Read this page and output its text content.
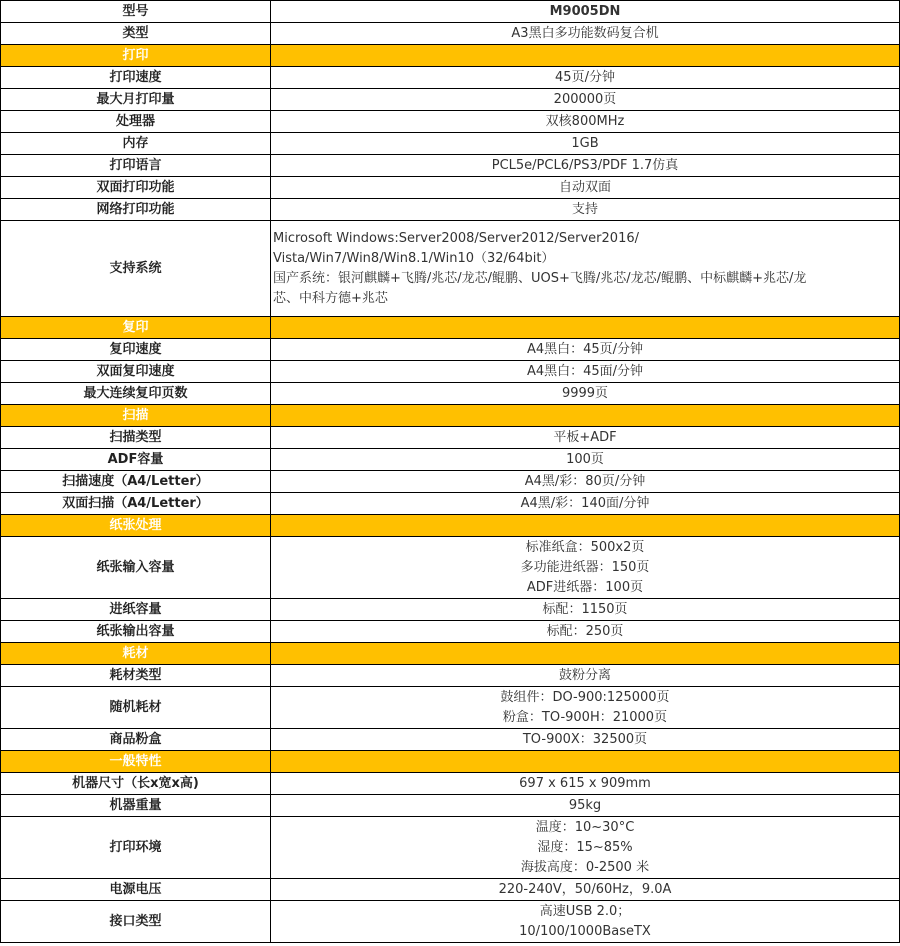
型号	M9005DN

类型	A3黑白多功能数码复合机

打印	
打印速度	45页/分钟

最大月打印量	200000页

处理器	双核800MHz

内存	1GB

打印语言	PCL5e/PCL6/PS3/PDF 1.7仿真

双面打印功能	自动双面

网络打印功能	支持

支持系统	Microsoft Windows:Server2008/Server2012/Server2016/
Vista/Win7/Win8/Win8.1/Win10（32/64bit）
国产系统：银河麒麟+飞腾/兆芯/龙芯/鲲鹏、UOS+飞腾/兆芯/龙芯/鲲鹏、中标麒麟+兆芯/龙
芯、中科方德+兆芯

复印	
复印速度	A4黑白：45页/分钟

双面复印速度	A4黑白：45面/分钟

最大连续复印页数	9999页

扫描	
扫描类型	平板+ADF

ADF容量	100页

扫描速度（A4/Letter）	A4黑/彩：80页/分钟

双面扫描（A4/Letter）	A4黑/彩：140面/分钟

纸张处理	
纸张输入容量	标准纸盒：500x2页
多功能进纸器：150页
ADF进纸器：100页

进纸容量	标配：1150页

纸张输出容量	标配：250页

耗材	
耗材类型	鼓粉分离

随机耗材	鼓组件：DO-900:125000页
粉盒：TO-900H：21000页

商品粉盒	TO-900X：32500页

一般特性	
机器尺寸（长x宽x高)	697 x 615 x 909mm

机器重量	95kg

打印环境	温度：10~30°C
湿度：15~85%
海拔高度：0-2500 米

电源电压	220-240V，50/60Hz，9.0A

接口类型	高速USB 2.0；
10/100/1000BaseTX
